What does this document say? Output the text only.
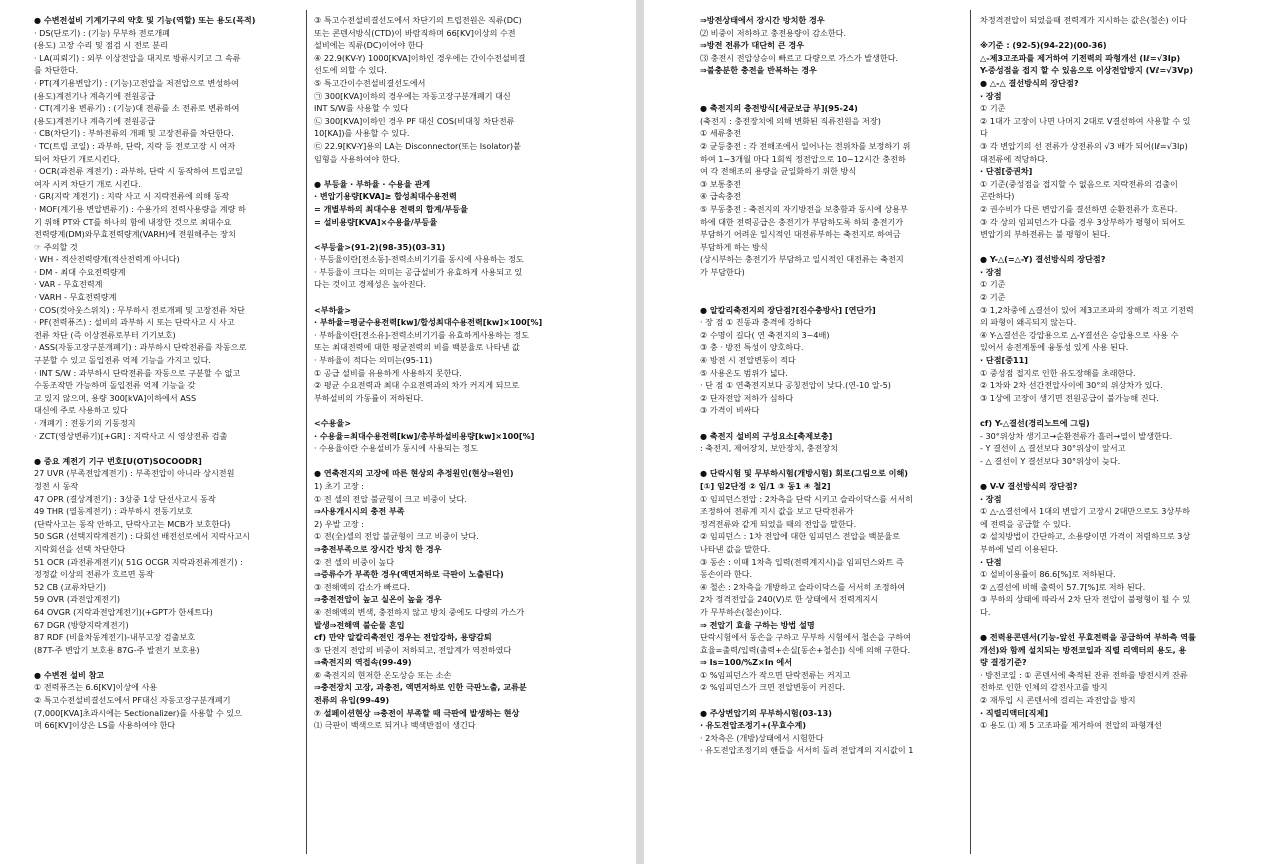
● 수변전설비 기계기구의 약호 및 기능(역할) 또는 용도(목적)
· DS(단로기) : (기능) 무부하 전로개폐
(용도) 고장 수리 및 점검 시 전로 분리
· LA(피뢰기) : 외부 이상전압을 대지로 방류시키고 그 속류
를 차단한다.
· PT(계기용변압기) : (기능)고전압을 저전압으로 변성하여
(용도)계전기나 계측기에 전원공급
· CT(계기용 변류기) : (기능)대 전류를 소 전류로 변류하여
(용도)계전기나 계측기에 전원공급
· CB(차단기) : 부하전류의 개폐 및 고장전류를 차단한다.
· TC(트립 코일) : 과부하, 단락, 지락 등 전로고장 시 여자
되어 차단기 개로시킨다.
· OCR(과전류 계전기) : 과부하, 단락 시 동작하여 트립코일
여자 시켜 차단기 개로 시킨다.
· GR(지락 계전기) : 지락 사고 시 지락전류에 의해 동작
· MOF(계기용 변압변류기) : 수용가의 전력사용량을 계량 하
기 위해 PT와 CT를 하나의 함에 내장한 것으로 최대수요
전력량계(DM)와무효전력량계(VARH)에 전원해주는 장치
☞ 주의할 것
· WH - 적산전력량계(적산전력계 아니다)
· DM - 최대 수요전력량계
· VAR - 무효전력계
· VARH - 무효전력량계
· COS(컷아웃스위치) : 무부하시 전로개폐 및 고장전류 차단
· PF(전력퓨즈) : 설비의 과부하 시 또는 단락사고 시 사고
전류 차단 (즉 이상전류로부터 기기보호)
· ASS(자동고장구분개폐기) : 과부하시 단락전류를 자동으로
구분할 수 있고 돌입전류 억제 기능을 가지고 있다.
· INT S/W : 과부하시 단락전류를 자동으로 구분할 수 없고
수동조작만 가능하며 돌입전류 억제 기능을 갖
고 있지 않으며, 용량 300[kVA]이하에서 ASS
대신에 주로 사용하고 있다
· 개폐기 : 전동기의 기동정지
· ZCT(영상변류기)[+GR] : 지락사고 시 영상전류 검출
● 중요 계전기 기구 번호[U(OT)SOCOODR]
27 UVR (부족전압계전기) : 부족전압이 아니라 상시전원
정전 시 동작
47 OPR (결상계전기) : 3상중 1상 단선사고시 동작
49 THR (열동계전기) : 과부하시 전동기보호
(단락사고는 동작 안하고, 단락사고는 MCB가 보호한다)
50 SGR (선택지락계전기) : 다회선 배전선로에서 지락사고시
지락회선을 선택 차단한다
51 OCR (과전류계전기)( 51G OCGR 지락과전류계전기) :
정정값 이상의 전류가 흐르면 동작
52 CB (교류차단기)
59 OVR (과전압계전기)
64 OVGR (지락과전압계전기)(+GPT가 한세트다)
67 DGR (방향지락계전기)
87 RDF (비율차동계전기)-내부고장 검출보호
(87T-주 변압기 보호용 87G-주 발전기 보호용)
● 수변전 설비 참고
① 전력퓨즈는 6.6[KV]이상에 사용
② 특고수전설비결선도에서 PF대신 자동고장구분개폐기
(7,000[KVA]초과시에는 Sectionalizer)를 사용할 수 있으
며 66[KV]이상은 LS를 사용하여야 한다
③ 특고수전설비결선도에서 차단기의 트립전원은 직류(DC)
또는 콘덴서방식(CTD)이 바람직하며 66[KV]이상의 수전
설비에는 직류(DC)이어야 한다
④ 22.9(KV-Y) 1000[KVA]이하인 경우에는 간이수전설비결
선도에 의할 수 있다.
⑤ 특고간이수전설비결선도에서
㉠ 300[KVA]이하의 경우에는 자동고장구분개폐기 대신
INT S/W를 사용할 수 있다
㉡ 300[KVA]이하인 경우 PF 대신 COS(비대칭 차단전류
10[KA])를 사용할 수 있다.
㉢ 22.9[KV-Y]용의 LA는 Disconnector(또는 Isolator)붙
임형을 사용하여야 한다.
● 부등율 · 부하율 · 수용율 관계
· 변압기용량[KVA]≥ 합성최대수용전력
= 개별부하의 최대수용 전력의 합계/부등율
= 설비용량[KVA]×수용율/부등율
<부등율>(91-2)(98-35)(03-31)
· 부등율이란[전소동]-전력소비기기를 동시에 사용하는 정도
· 부등율이 크다는 의미는 공급설비가 유효하게 사용되고 있
다는 것이고 경제성은 높아진다.
<부하율>
· 부하율=평균수용전력[kw]/합성최대수용전력[kw]×100[%]
· 부하율이란[전소유]-전력소비기기를 유효하게사용하는 정도
또는 최대전력에 대한 평균전력의 비를 백분율로 나타낸 값
· 부하율이 적다는 의미는(95-11)
① 공급 설비를 유용하게 사용하지 못한다.
② 평균 수요전력과 최대 수요전력과의 차가 커지게 되므로
부하설비의 가동률이 저하된다.
<수용율>
· 수용율=최대수용전력[kw]/총부하설비용량[kw]×100[%]
· 수용율이란 수용설비가 동시에 사용되는 정도
● 연축전지의 고장에 따른 현상의 추정원인(현상⇒원인)
1) 초기 고장 :
① 전 셀의 전압 불균형이 크고 비중이 낮다.
⇒사용개시시의 충전 부족
2) 우발 고장 :
① 전(全)셀의 전압 불균형이 크고 비중이 낮다.
⇒충전부족으로 장시간 방치 한 경우
② 전 셀의 비중이 높다
⇒증류수가 부족한 경우(액면저하로 극판이 노출된다)
③ 전해액의 감소가 빠르다.
⇒충전전압이 높고 실온이 높을 경우
④ 전해액의 변색, 충전하지 않고 방치 중에도 다량의 가스가
발생⇒전해액 불순물 혼입
cf) 만약 알칼리축전인 경우는 전압강하, 용량감퇴
⑤ 단전지 전압의 비중이 저하되고, 전압계가 역전하였다
⇒축전지의 역접속(99-49)
⑥ 축전지의 현저한 온도상승 또는 소손
⇒충전장치 고장, 과충전, 액면저하로 인한 극판노출, 교류분
전류의 유입(99-49)
⑦ 설페이션현상 ⇒충전이 부족할 때 극판에 발생하는 현상
⑴ 극판이 백색으로 되거나 백색반점이 생긴다
⇒방전상태에서 장시간 방치한 경우
⑵ 비중이 저하하고 충전용량이 감소한다.
⇒방전 전류가 대단히 큰 경우
⑶ 충전시 전압상승이 빠르고 다량으로 가스가 발생한다.
⇒불충분한 충전을 반복하는 경우
● 축전지의 충전방식[세균보급 부](95-24)
(축전지 : 충전장치에 의해 변화된 직류전원을 저장)
① 세류충전
② 균등충전 : 각 전해조에서 일어나는 전위차를 보정하기 위
하여 1~3개월 마다 1회씩 정전압으로 10~12시간 충전하
여 각 전해조의 용량을 균일화하기 위한 방식
③ 보통충전
④ 급속충전
⑤ 부동충전 : 축전지의 자기방전을 보충함과 동시에 상용부
하에 대한 전력공급은 충전기가 부담하도록 하되 충전기가
부담하기 어려운 일시적인 대전류부하는 축전지로 하여금
부담하게 하는 방식
(상시부하는 충전기가 부담하고 일시적인 대전류는 축전지
가 부담한다)
● 알칼리축전지의 장단점?[진수충방사] [연단가]
· 장 점 ① 진동과 충격에 강하다
② 수명이 길다( 연 축전지의 3~4배)
③ 충 · 방전 특성이 양호하다.
④ 방전 시 전압변동이 적다
⑤ 사용온도 범위가 넓다.
· 단 점 ① 연축전지보다 공칭전압이 낮다.(연-10 알-5)
② 단자전압 저하가 심하다
③ 가격이 비싸다
● 축전지 설비의 구성요소[축제보충]
: 축전지, 제어장치, 보안장치, 충전장치
● 단락시험 및 무부하시험(개방시험) 회로(그림으로 이해)
[①] 임2단정 ② 임/1 ③ 동1 ④ 철2]
① 임피던스전압 : 2차측을 단락 시키고 슬라이닥스를 서서히
조정하여 전류계 지시 값을 보고 단락전류가
정격전류와 같게 되었을 때의 전압을 말한다.
② 임피던스 : 1차 전압에 대한 임피던스 전압을 백분율로
나타낸 값을 말한다.
③ 동손 : 이때 1차측 입력(전력계지시)을 임피던스와트 즉
동손이라 한다.
④ 철손 : 2차측을 개방하고 슬라이닥스를 서서히 조정하여
2차 정격전압을 240(V)로 한 상태에서 전력계지시
가 무부하손(철손)이다.
⇒ 전압기 효율 구하는 방법 설명
단락시험에서 동손을 구하고 무부하 시험에서 철손을 구하여
효율=출력/입력(출력+손실[동손+철손]) 식에 의해 구한다.
⇒ Is=100/%Z×In 에서
① %임피던스가 작으면 단락전류는 커지고
② %임피던스가 크면 전압변동이 커진다.
● 주상변압기의 무부하시험(03-13)
· 유도전압조정기+(무효수계)
· 2차측은 (개방)상태에서 시험한다
· 유도전압조정기의 핸들을 서서히 돌려 전압계의 지시값이 1
차정격전압이 되었을때 전력계가 지시하는 값은(철손) 이다
※기준 : (92-5)(94-22)(00-36)
△-제3고조파를 제거하여 기전력의 파형개선 (Iℓ=√3Ip)
Y-중성점을 접지 할 수 있음으로 이상전압방지 (Vℓ=√3Vp)
● △-△ 결선방식의 장단점?
· 장점
① 기준
② 1대가 고장이 나면 나머지 2대로 V결선하여 사용할 수 있
다
③ 각 변압기의 선 전류가 상전류의 √3 배가 되어(Iℓ=√3Ip)
대전류에 적당하다.
· 단점[중권차]
① 기준(중성점을 접지할 수 없음으로 지락전류의 검출이
곤란하다)
② 권수비가 다른 변압기를 결선하면 순환전류가 흐른다.
③ 각 상의 임피던스가 다를 경우 3상부하가 평형이 되어도
변압기의 부하전류는 불 평형이 된다.
● Y-△(=△-Y) 결선방식의 장단점?
· 장점
① 기준
② 기준
③ 1,2차중에 △결선이 있어 제3고조파의 장해가 적고 기전력
의 파형이 왜곡되지 않는다.
④ Y-△결선은 강압용으로 △-Y결선은 승압용으로 사용 수
있어서 송전계통에 융통성 있게 사용 된다.
· 단점[중11]
① 중성점 접지로 인한 유도장해를 초래한다.
② 1차와 2차 선간전압사이에 30°의 위상차가 있다.
③ 1상에 고장이 생기면 전원공급이 불가능해 진다.
cf) Y-△결선(경리노트에 그림)
- 30°위상차 생기고→순환전류가 흘러→열이 발생한다.
- Y 결선이 △ 결선보다 30°위상이 앞서고
- △ 결선이 Y 결선보다 30°위상이 늦다.
● V-V 결선방식의 장단점?
· 장점
① △-△결선에서 1대의 변압기 고장시 2대만으로도 3상부하
에 전력을 공급할 수 있다.
② 설치방법이 간단하고, 소용량이면 가격이 저렴하므로 3상
부하에 널리 이용된다.
· 단점
① 설비이용률이 86.6[%]로 저하된다.
② △결선에 비해 출력이 57.7[%]로 저하 된다.
③ 부하의 상태에 따라서 2차 단자 전압이 불평형이 될 수 있
다.
● 전력용콘덴서(기능-앞선 무효전력을 공급하여 부하측 역률
개선)와 함께 설치되는 방전코일과 직렬 리액터의 용도, 용
량 결정기준?
· 방전코일 : ① 콘덴서에 축적된 잔류 전하를 방전시켜 잔류
전하로 인한 인체의 감전사고를 방지
② 재투입 시 콘덴서에 걸리는 과전압을 방지
· 직렬리액터[직제]
① 용도 ⑴ 제 5 고조파를 제거하여 전압의 파형개선
